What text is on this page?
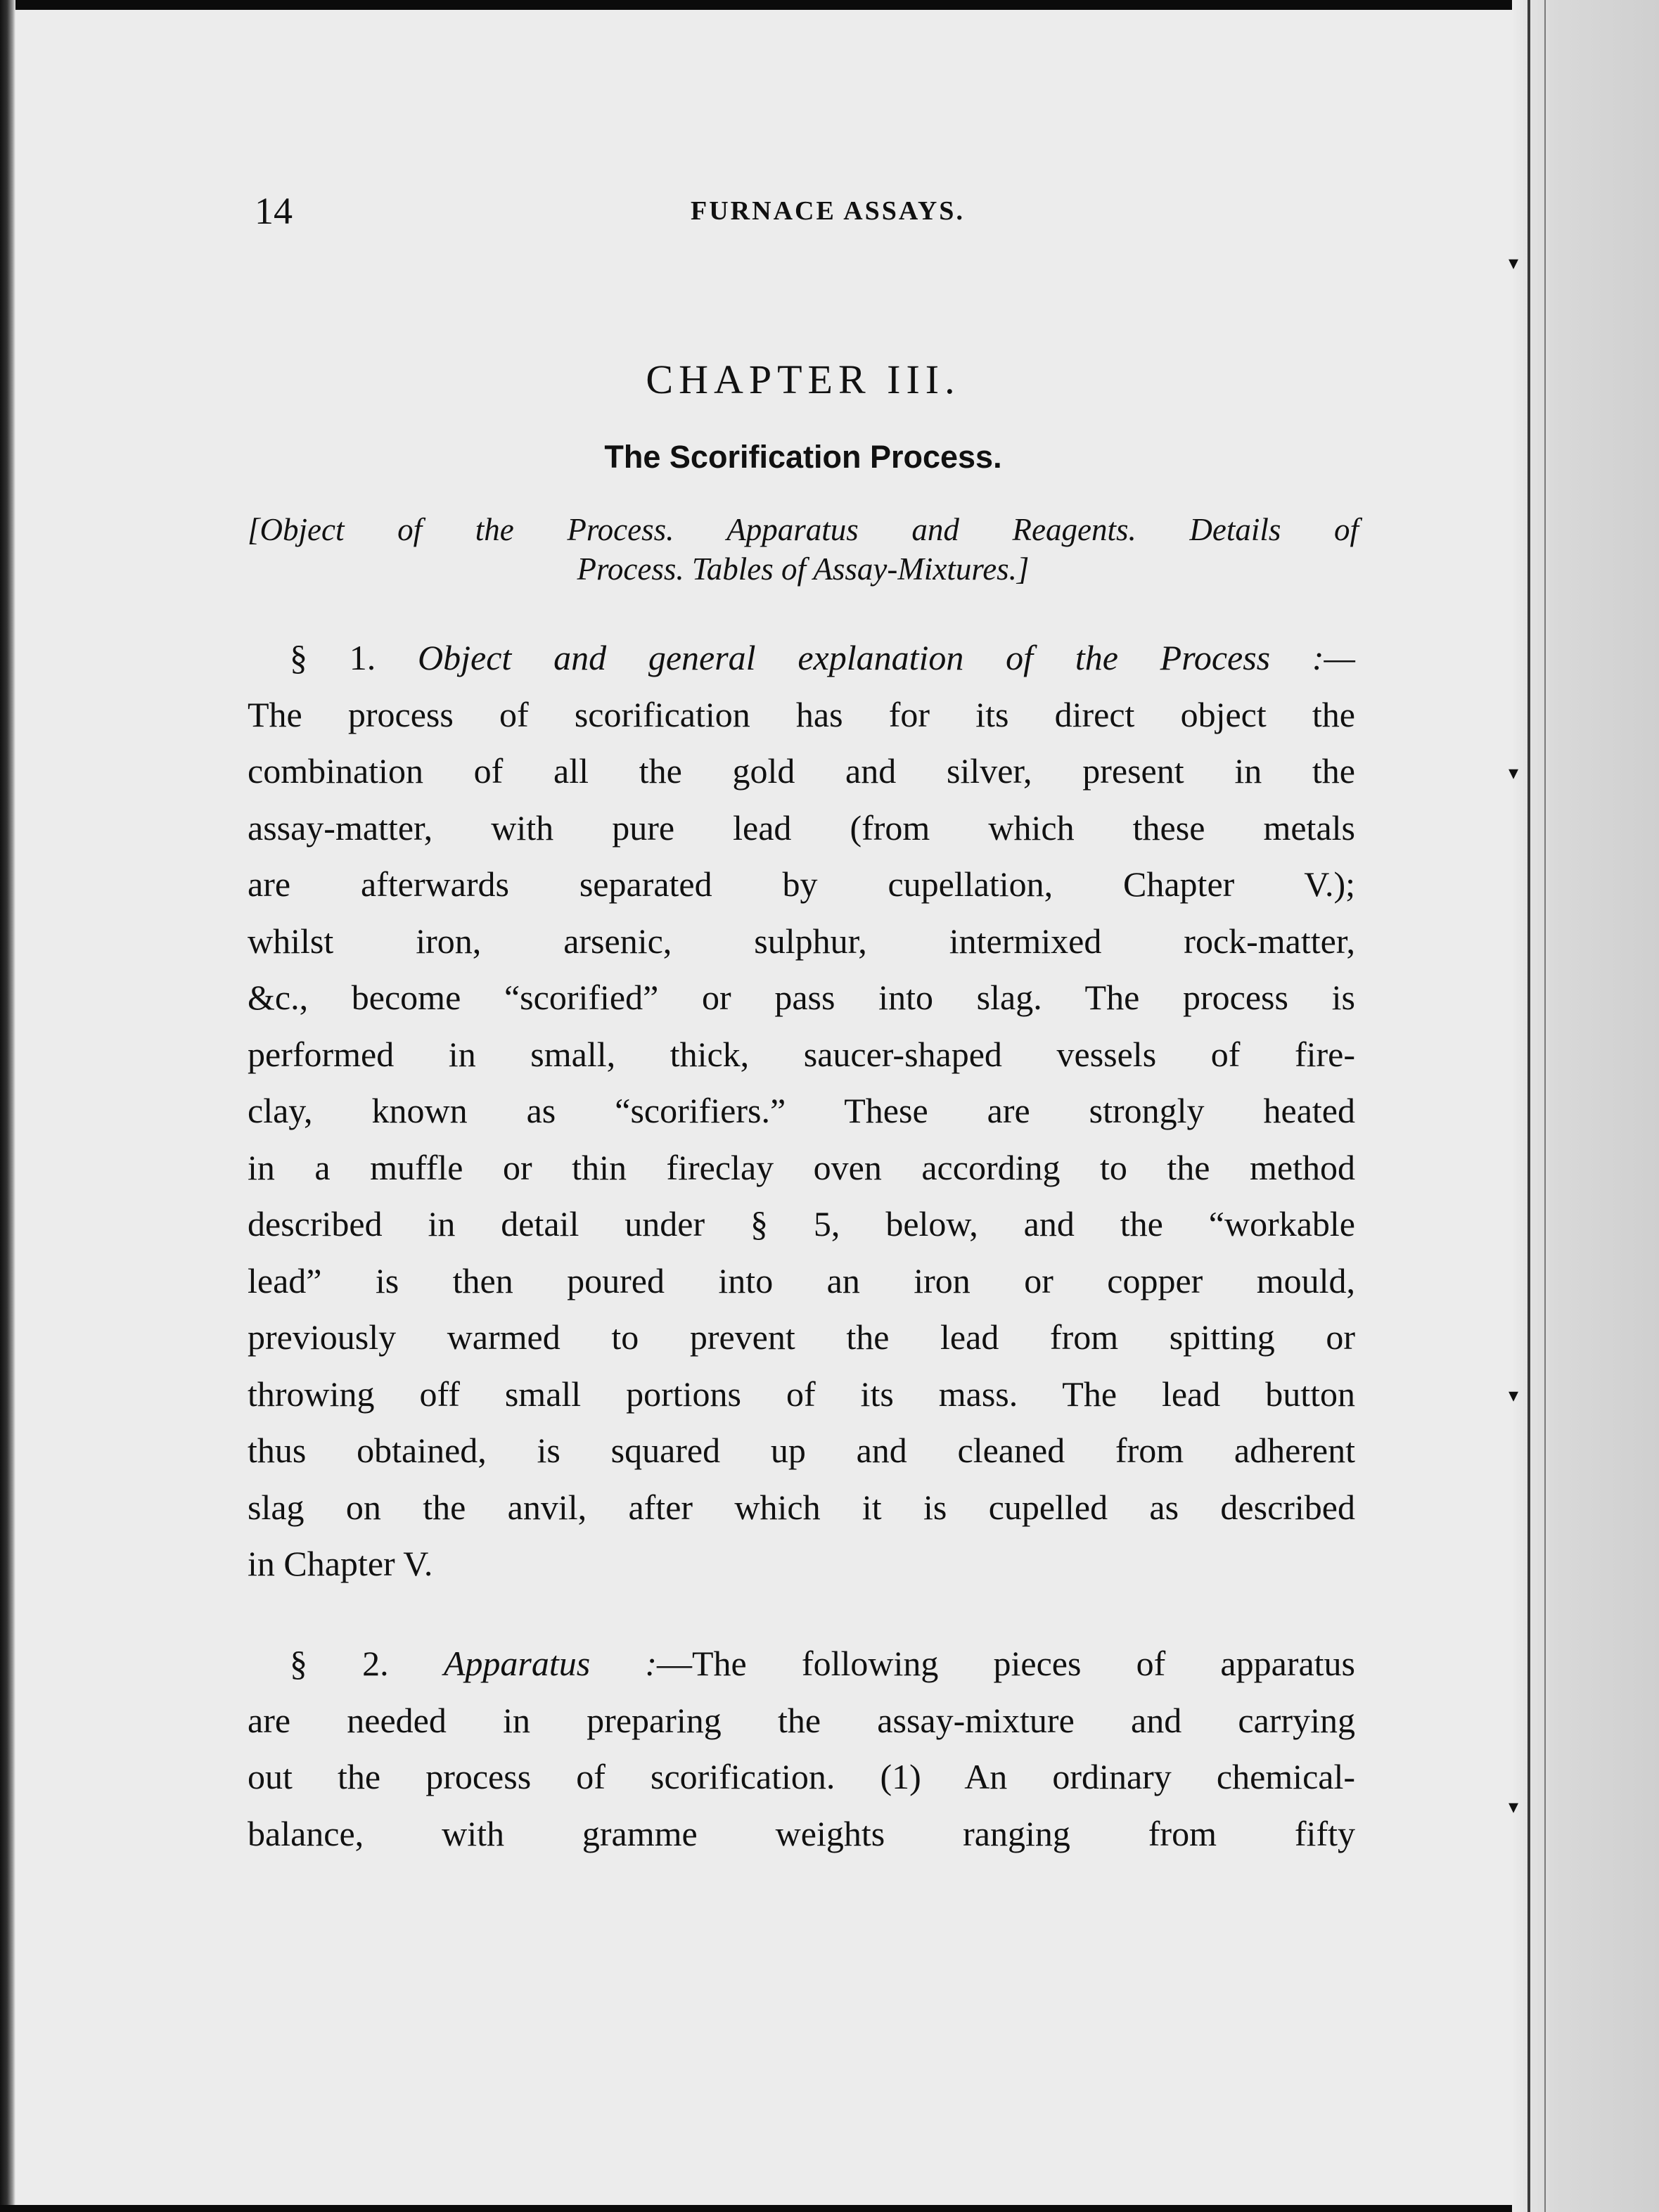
▾
▾
▾
▾
14	FURNACE ASSAYS.
CHAPTER III.
The Scorification Process.
[Object of the Process. Apparatus and Reagents. Details of
Process. Tables of Assay-Mixtures.]
§ 1. Object and general explanation of the Process :—
The process of scorification has for its direct object the
combination of all the gold and silver, present in the
assay-matter, with pure lead (from which these metals
are afterwards separated by cupellation, Chapter V.);
whilst iron, arsenic, sulphur, intermixed rock-matter,
&c., become “scorified” or pass into slag. The process is
performed in small, thick, saucer-shaped vessels of fire-
clay, known as “scorifiers.” These are strongly heated
in a muffle or thin fireclay oven according to the method
described in detail under § 5, below, and the “workable
lead” is then poured into an iron or copper mould,
previously warmed to prevent the lead from spitting or
throwing off small portions of its mass. The lead button
thus obtained, is squared up and cleaned from adherent
slag on the anvil, after which it is cupelled as described
in Chapter V.
§ 2. Apparatus :—The following pieces of apparatus
are needed in preparing the assay-mixture and carrying
out the process of scorification. (1) An ordinary chemical-
balance, with gramme weights ranging from fifty
